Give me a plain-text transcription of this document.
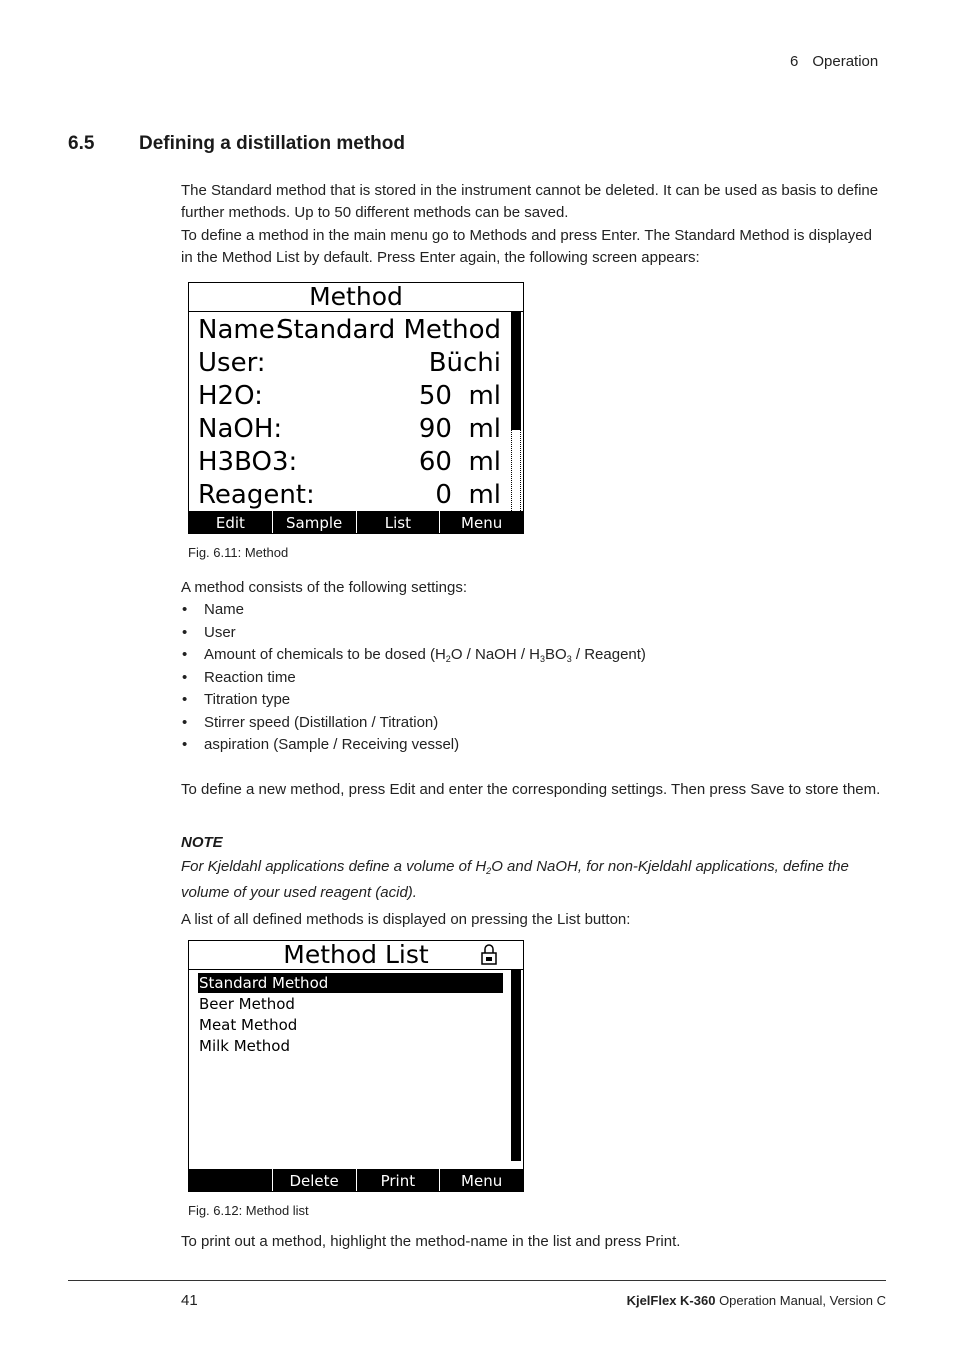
6 Operation
6.5 Defining a distillation method

The Standard method that is stored in the instrument cannot be deleted. It can be used as basis to define further methods. Up to 50 different methods can be saved.

To define a method in the main menu go to Methods and press Enter. The Standard Method is displayed in the Method List by default. Press Enter again, the following screen appears:

Method
Name:
Standard Method
User:	Büchi
H2O:	50  ml
NaOH:	90  ml
H3BO3:	60  ml
Reagent:	0  ml
Edit	Sample	List	Menu
Fig. 6.11: Method
A method consists of the following settings:
• Name
• User
• Amount of chemicals to be dosed ($H_2O$ / NaOH / $H_3BO_3$ / Reagent)
• Reaction time
• Titration type
• Stirrer speed (Distillation / Titration)
• aspiration (Sample / Receiving vessel)
To define a new method, press Edit and enter the corresponding settings. Then press Save to store them.
NOTE
For Kjeldahl applications define a volume of $H_2O$ and NaOH, for non-Kjeldahl applications, define the volume of your used reagent (acid).
A list of all defined methods is displayed on pressing the List button:
Method List
Standard Method
Beer Method
Meat Method
Milk Method
Delete	Print	Menu
Fig. 6.12: Method list
To print out a method, highlight the method-name in the list and press Print.
41	KjelFlex K-360 Operation Manual, Version C
